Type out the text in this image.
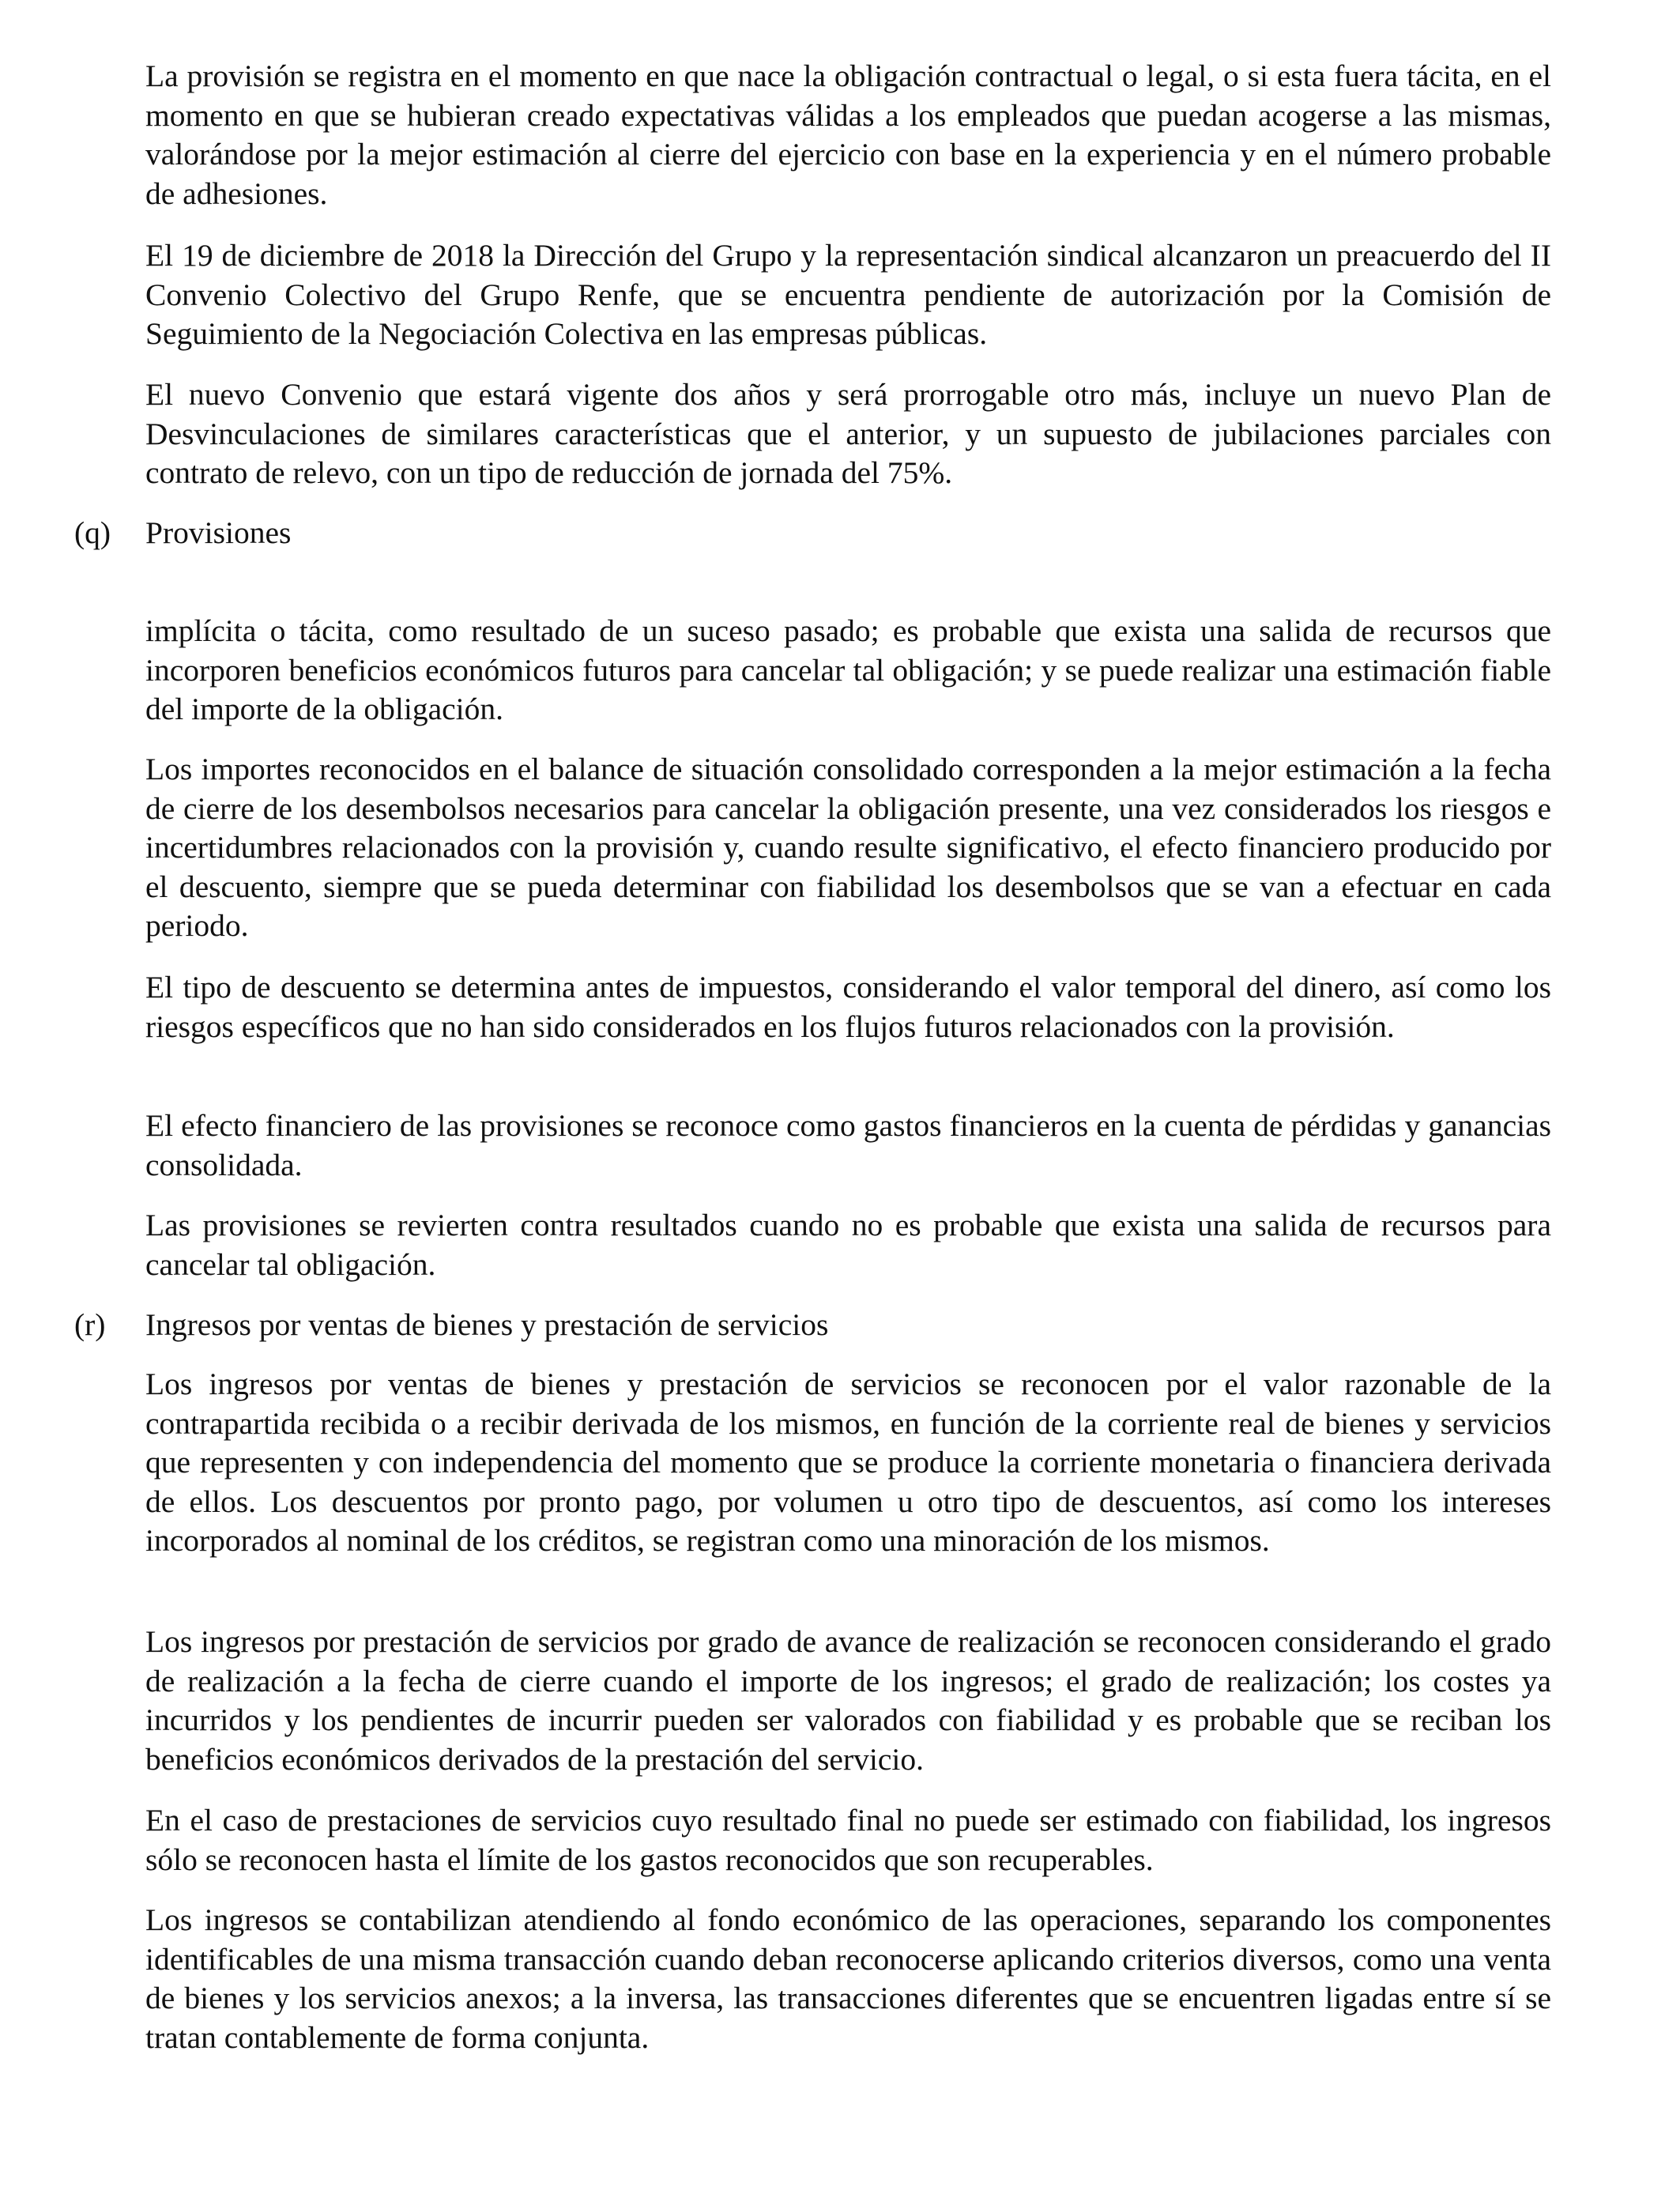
La provisión se registra en el momento en que nace la obligación contractual o legal, o si esta fuera tácita, en el momento en que se hubieran creado expectativas válidas a los empleados que puedan acogerse a las mismas, valorándose por la mejor estimación al cierre del ejercicio con base en la experiencia y en el número probable de adhesiones.

El 19 de diciembre de 2018 la Dirección del Grupo y la representación sindical alcanzaron un preacuerdo del II Convenio Colectivo del Grupo Renfe, que se encuentra pendiente de autorización por la Comisión de Seguimiento de la Negociación Colectiva en las empresas públicas.

El nuevo Convenio que estará vigente dos años y será prorrogable otro más, incluye un nuevo Plan de Desvinculaciones de similares características que el anterior, y un supuesto de jubilaciones parciales con contrato de relevo, con un tipo de reducción de jornada del 75%.

(q) Provisiones

implícita o tácita, como resultado de un suceso pasado; es probable que exista una salida de recursos que incorporen beneficios económicos futuros para cancelar tal obligación; y se puede realizar una estimación fiable del importe de la obligación.

Los importes reconocidos en el balance de situación consolidado corresponden a la mejor estimación a la fecha de cierre de los desembolsos necesarios para cancelar la obligación presente, una vez considerados los riesgos e incertidumbres relacionados con la provisión y, cuando resulte significativo, el efecto financiero producido por el descuento, siempre que se pueda determinar con fiabilidad los desembolsos que se van a efectuar en cada periodo.

El tipo de descuento se determina antes de impuestos, considerando el valor temporal del dinero, así como los riesgos específicos que no han sido considerados en los flujos futuros relacionados con la provisión.

El efecto financiero de las provisiones se reconoce como gastos financieros en la cuenta de pérdidas y ganancias consolidada.

Las provisiones se revierten contra resultados cuando no es probable que exista una salida de recursos para cancelar tal obligación.

(r) Ingresos por ventas de bienes y prestación de servicios

Los ingresos por ventas de bienes y prestación de servicios se reconocen por el valor razonable de la contrapartida recibida o a recibir derivada de los mismos, en función de la corriente real de bienes y servicios que representen y con independencia del momento que se produce la corriente monetaria o financiera derivada de ellos. Los descuentos por pronto pago, por volumen u otro tipo de descuentos, así como los intereses incorporados al nominal de los créditos, se registran como una minoración de los mismos.

Los ingresos por prestación de servicios por grado de avance de realización se reconocen considerando el grado de realización a la fecha de cierre cuando el importe de los ingresos; el grado de realización; los costes ya incurridos y los pendientes de incurrir pueden ser valorados con fiabilidad y es probable que se reciban los beneficios económicos derivados de la prestación del servicio.

En el caso de prestaciones de servicios cuyo resultado final no puede ser estimado con fiabilidad, los ingresos sólo se reconocen hasta el límite de los gastos reconocidos que son recuperables.

Los ingresos se contabilizan atendiendo al fondo económico de las operaciones, separando los componentes identificables de una misma transacción cuando deban reconocerse aplicando criterios diversos, como una venta de bienes y los servicios anexos; a la inversa, las transacciones diferentes que se encuentren ligadas entre sí se tratan contablemente de forma conjunta.
